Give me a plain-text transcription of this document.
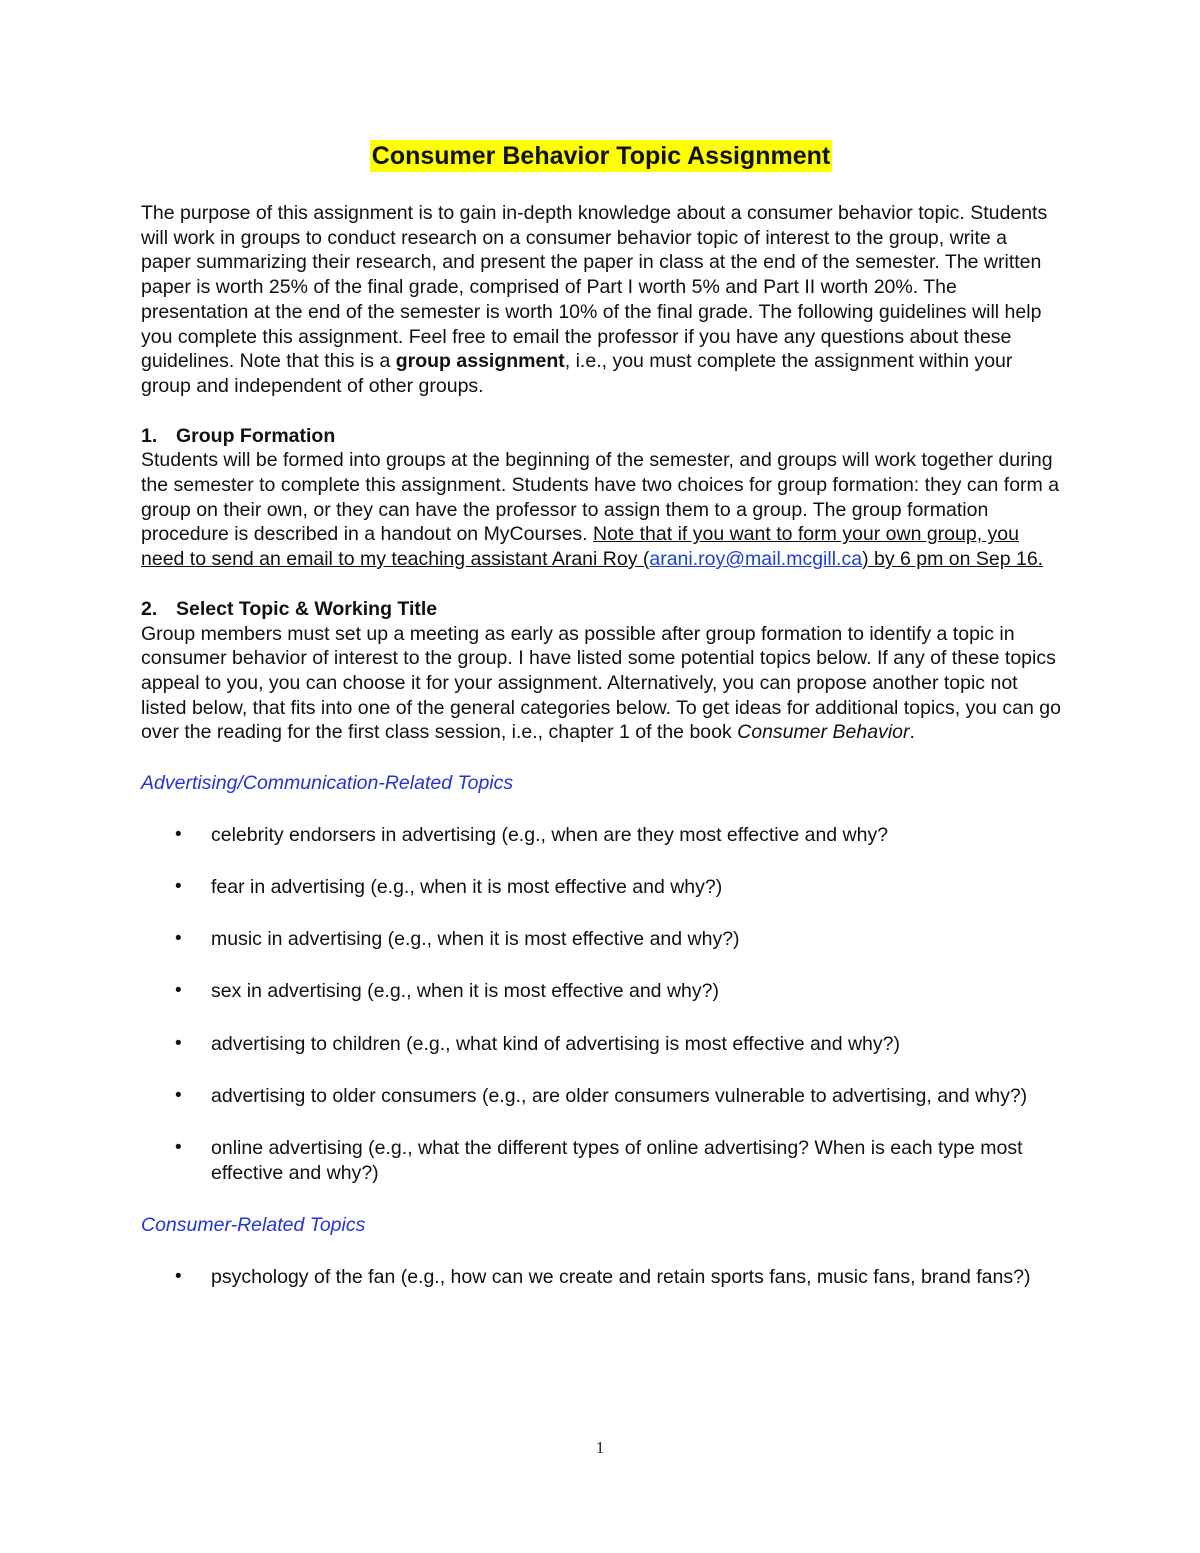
Consumer Behavior Topic Assignment

The purpose of this assignment is to gain in-depth knowledge about a consumer behavior topic. Students will work in groups to conduct research on a consumer behavior topic of interest to the group, write a paper summarizing their research, and present the paper in class at the end of the semester. The written paper is worth 25% of the final grade, comprised of Part I worth 5% and Part II worth 20%. The presentation at the end of the semester is worth 10% of the final grade. The following guidelines will help you complete this assignment. Feel free to email the professor if you have any questions about these guidelines. Note that this is a group assignment, i.e., you must complete the assignment within your group and independent of other groups.

1. Group Formation

Students will be formed into groups at the beginning of the semester, and groups will work together during the semester to complete this assignment. Students have two choices for group formation: they can form a group on their own, or they can have the professor to assign them to a group. The group formation procedure is described in a handout on MyCourses. Note that if you want to form your own group, you need to send an email to my teaching assistant Arani Roy (arani.roy@mail.mcgill.ca) by 6 pm on Sep 16.

2. Select Topic & Working Title

Group members must set up a meeting as early as possible after group formation to identify a topic in consumer behavior of interest to the group. I have listed some potential topics below. If any of these topics appeal to you, you can choose it for your assignment. Alternatively, you can propose another topic not listed below, that fits into one of the general categories below. To get ideas for additional topics, you can go over the reading for the first class session, i.e., chapter 1 of the book Consumer Behavior.

Advertising/Communication-Related Topics

• celebrity endorsers in advertising (e.g., when are they most effective and why?
• fear in advertising (e.g., when it is most effective and why?)
• music in advertising (e.g., when it is most effective and why?)
• sex in advertising (e.g., when it is most effective and why?)
• advertising to children (e.g., what kind of advertising is most effective and why?)
• advertising to older consumers (e.g., are older consumers vulnerable to advertising, and why?)
• online advertising (e.g., what the different types of online advertising? When is each type most effective and why?)

Consumer-Related Topics

• psychology of the fan (e.g., how can we create and retain sports fans, music fans, brand fans?)
1
